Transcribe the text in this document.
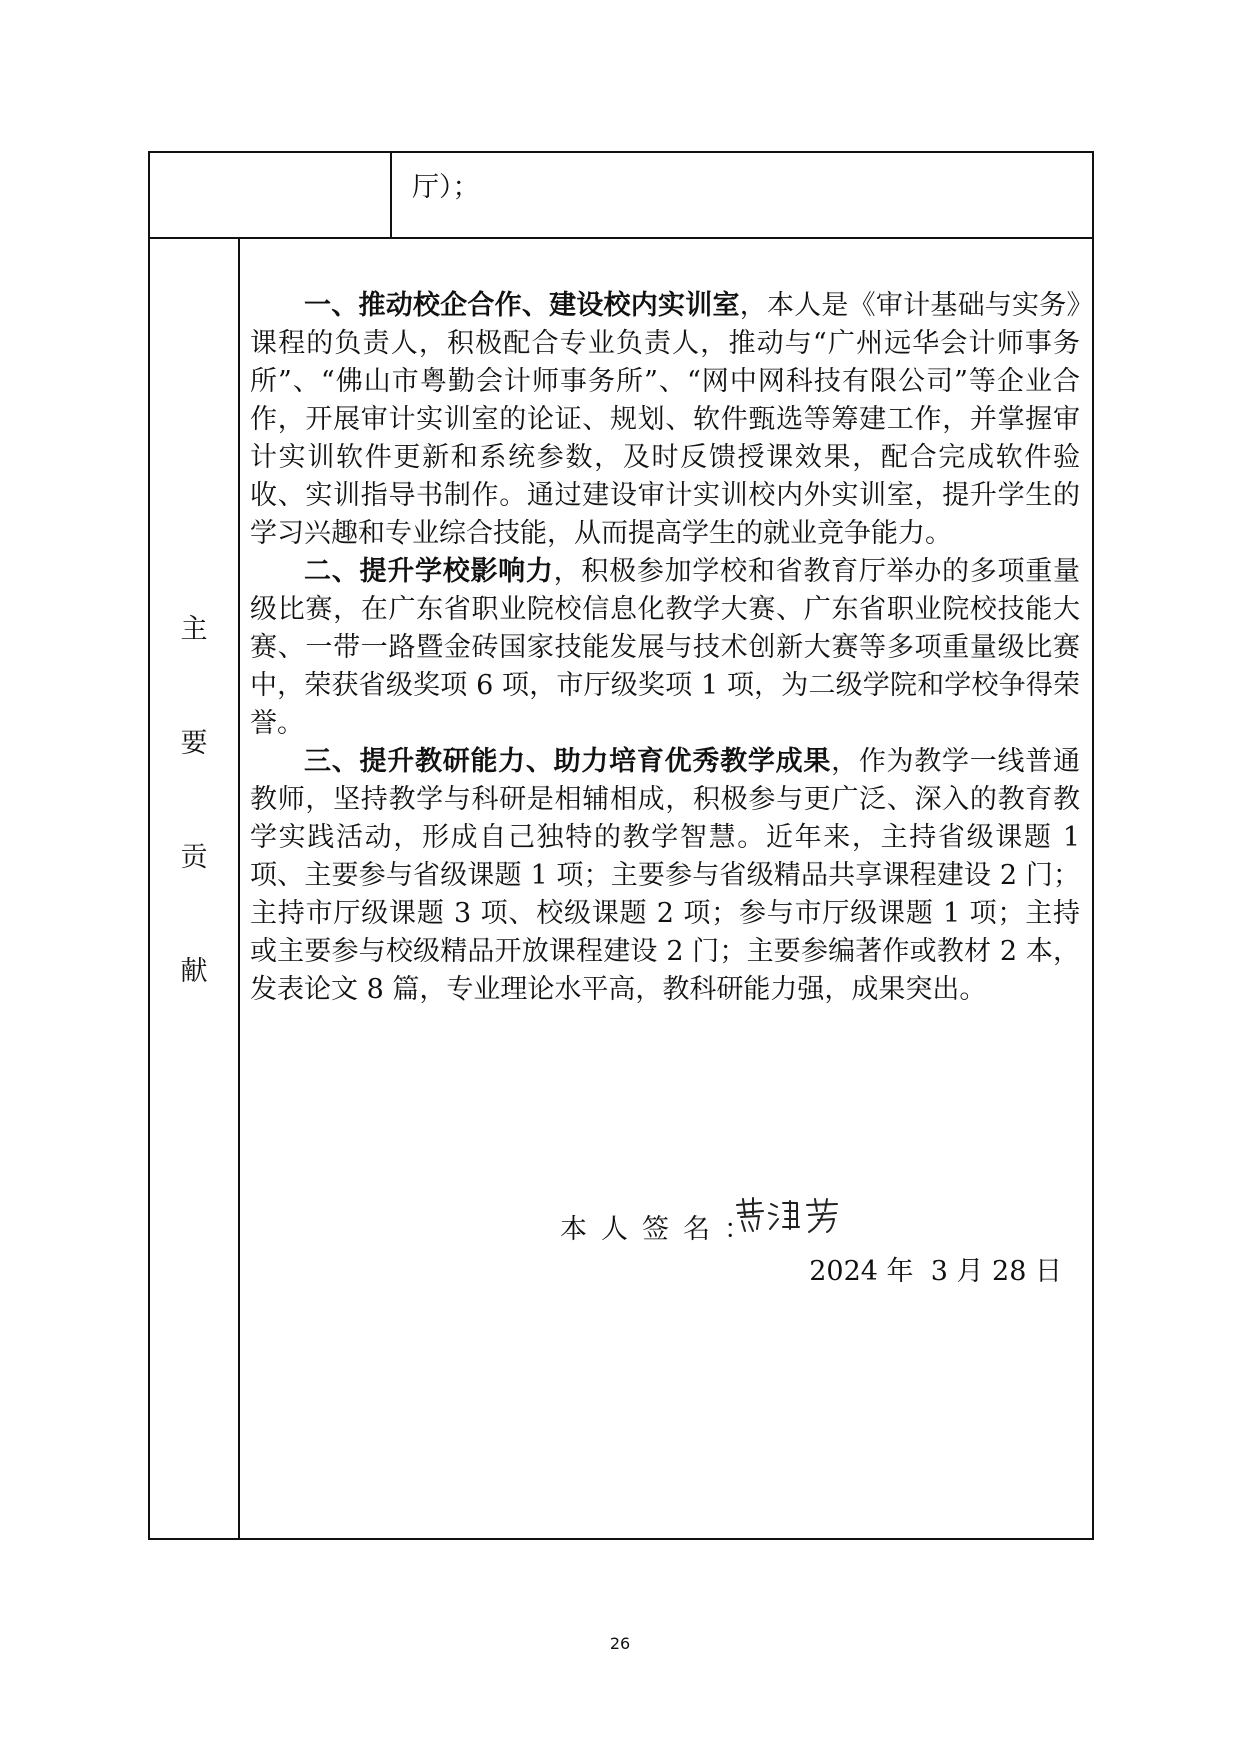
厅）；
主
要
贡
献

一、推动校企合作、建设校内实训室，本人是《审计基础与实务》课程的负责人，积极配合专业负责人，推动与“广州远华会计师事务所”、“佛山市粤勤会计师事务所”、“网中网科技有限公司”等企业合作，开展审计实训室的论证、规划、软件甄选等筹建工作，并掌握审计实训软件更新和系统参数，及时反馈授课效果，配合完成软件验收、实训指导书制作。通过建设审计实训校内外实训室，提升学生的学习兴趣和专业综合技能，从而提高学生的就业竞争能力。

二、提升学校影响力，积极参加学校和省教育厅举办的多项重量级比赛，在广东省职业院校信息化教学大赛、广东省职业院校技能大赛、一带一路暨金砖国家技能发展与技术创新大赛等多项重量级比赛中，荣获省级奖项 6 项，市厅级奖项 1 项，为二级学院和学校争得荣誉。

三、提升教研能力、助力培育优秀教学成果，作为教学一线普通教师，坚持教学与科研是相辅相成，积极参与更广泛、深入的教育教学实践活动，形成自己独特的教学智慧。近年来，主持省级课题 1 项、主要参与省级课题 1 项；主要参与省级精品共享课程建设 2 门；主持市厅级课题 3 项、校级课题 2 项；参与市厅级课题 1 项；主持或主要参与校级精品开放课程建设 2 门；主要参编著作或教材 2 本，发表论文 8 篇，专业理论水平高，教科研能力强，成果突出。

本人签名：
2024 年  3 月 28 日
26
